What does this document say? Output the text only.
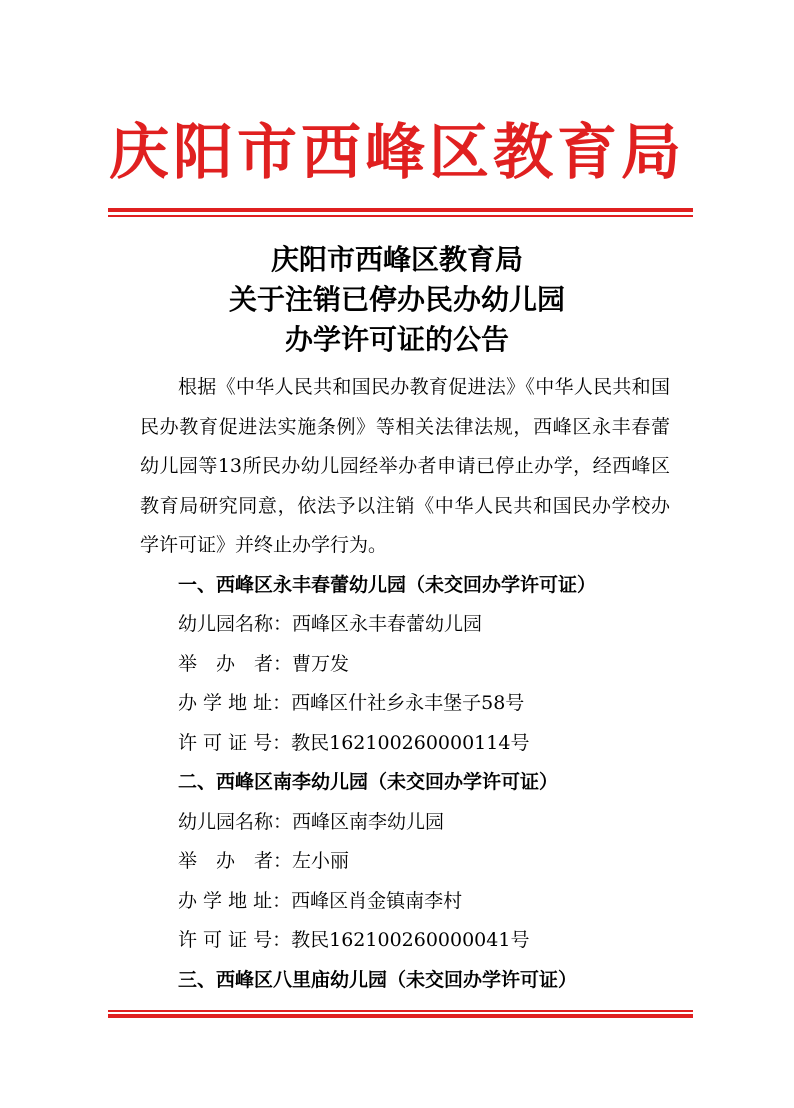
庆阳市西峰区教育局
庆阳市西峰区教育局
关于注销已停办民办幼儿园
办学许可证的公告
根据《中华人民共和国民办教育促进法》《中华人民共和国民办教育促进法实施条例》等相关法律法规，西峰区永丰春蕾幼儿园等13所民办幼儿园经举办者申请已停止办学，经西峰区教育局研究同意，依法予以注销《中华人民共和国民办学校办学许可证》并终止办学行为。
一、西峰区永丰春蕾幼儿园（未交回办学许可证）
幼儿园名称：西峰区永丰春蕾幼儿园
举　办　者：曹万发
办 学 地 址：西峰区什社乡永丰堡子58号
许 可 证 号：教民162100260000114号
二、西峰区南李幼儿园（未交回办学许可证）
幼儿园名称：西峰区南李幼儿园
举　办　者：左小丽
办 学 地 址：西峰区肖金镇南李村
许 可 证 号：教民162100260000041号
三、西峰区八里庙幼儿园（未交回办学许可证）
